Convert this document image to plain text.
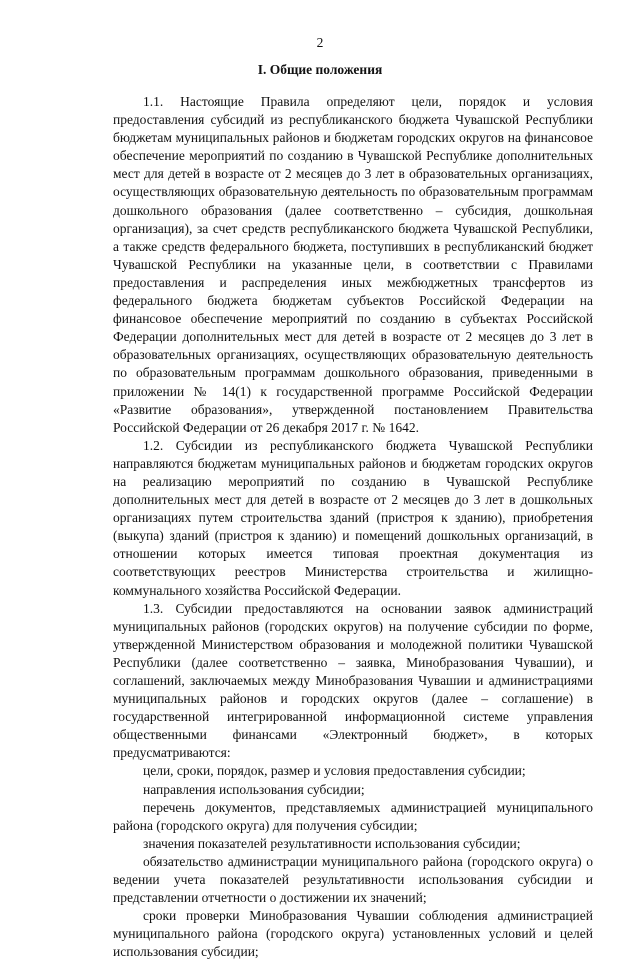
2
I. Общие положения

1.1. Настоящие Правила определяют цели, порядок и условия предоставления субсидий из республиканского бюджета Чувашской Республики бюджетам муниципальных районов и бюджетам городских округов на финансовое обеспечение мероприятий по созданию в Чувашской Республике дополнительных мест для детей в возрасте от 2 месяцев до 3 лет в образовательных организациях, осуществляющих образовательную деятельность по образовательным программам дошкольного образования (далее соответственно – субсидия, дошкольная организация), за счет средств республиканского бюджета Чувашской Республики, а также средств федерального бюджета, поступивших в республиканский бюджет Чувашской Республики на указанные цели, в соответствии с Правилами предоставления и распределения иных межбюджетных трансфертов из федерального бюджета бюджетам субъектов Российской Федерации на финансовое обеспечение мероприятий по созданию в субъектах Российской Федерации дополнительных мест для детей в возрасте от 2 месяцев до 3 лет в образовательных организациях, осуществляющих образовательную деятельность по образовательным программам дошкольного образования, приведенными в приложении № 14(1) к государственной программе Российской Федерации «Развитие образования», утвержденной постановлением Правительства Российской Федерации от 26 декабря 2017 г. № 1642.

1.2. Субсидии из республиканского бюджета Чувашской Республики направляются бюджетам муниципальных районов и бюджетам городских округов на реализацию мероприятий по созданию в Чувашской Республике дополнительных мест для детей в возрасте от 2 месяцев до 3 лет в дошкольных организациях путем строительства зданий (пристроя к зданию), приобретения (выкупа) зданий (пристроя к зданию) и помещений дошкольных организаций, в отношении которых имеется типовая проектная документация из соответствующих реестров Министерства строительства и жилищно-коммунального хозяйства Российской Федерации.

1.3. Субсидии предоставляются на основании заявок администраций муниципальных районов (городских округов) на получение субсидии по форме, утвержденной Министерством образования и молодежной политики Чувашской Республики (далее соответственно – заявка, Минобразования Чувашии), и соглашений, заключаемых между Минобразования Чувашии и администрациями муниципальных районов и городских округов (далее – соглашение) в государственной интегрированной информационной системе управления общественными финансами «Электронный бюджет», в которых предусматриваются:

цели, сроки, порядок, размер и условия предоставления субсидии;

направления использования субсидии;

перечень документов, представляемых администрацией муниципального района (городского округа) для получения субсидии;

значения показателей результативности использования субсидии;

обязательство администрации муниципального района (городского округа) о ведении учета показателей результативности использования субсидии и представлении отчетности о достижении их значений;

сроки проверки Минобразования Чувашии соблюдения администрацией муниципального района (городского округа) установленных условий и целей использования субсидии;
